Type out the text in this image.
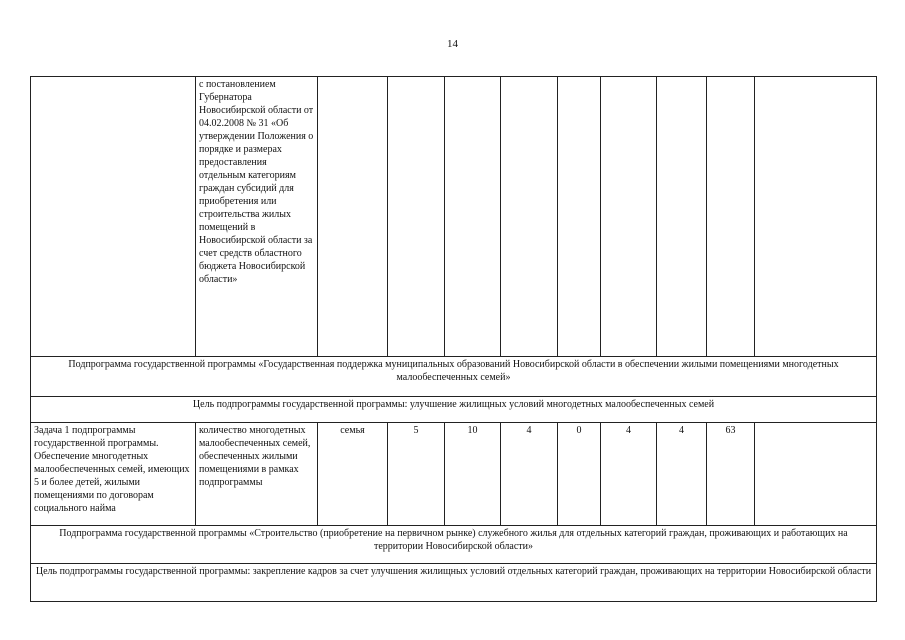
14
	с постановлением Губернатора Новосибирской области от 04.02.2008 № 31 «Об утверждении Положения о порядке и размерах предоставления отдельным категориям граждан субсидий для приобретения или строительства жилых помещений в Новосибирской области за счет средств областного бюджета Новосибирской области»									
Подпрограмма государственной программы «Государственная поддержка муниципальных образований Новосибирской области в обеспечении жилыми помещениями многодетных малообеспеченных семей»										
Цель подпрограммы государственной программы: улучшение жилищных условий многодетных малообеспеченных семей										
Задача 1 подпрограммы государственной программы. Обеспечение многодетных малообеспеченных семей, имеющих 5 и более детей, жилыми помещениями по договорам социального найма	количество многодетных малообеспеченных семей, обеспеченных жилыми помещениями в рамках подпрограммы	семья	5	10	4	0	4	4	63	
Подпрограмма государственной программы «Строительство (приобретение на первичном рынке) служебного жилья для отдельных категорий граждан, проживающих и работающих на территории Новосибирской области»										
Цель подпрограммы государственной программы: закрепление кадров за счет улучшения жилищных условий отдельных категорий граждан, проживающих на территории Новосибирской области										
